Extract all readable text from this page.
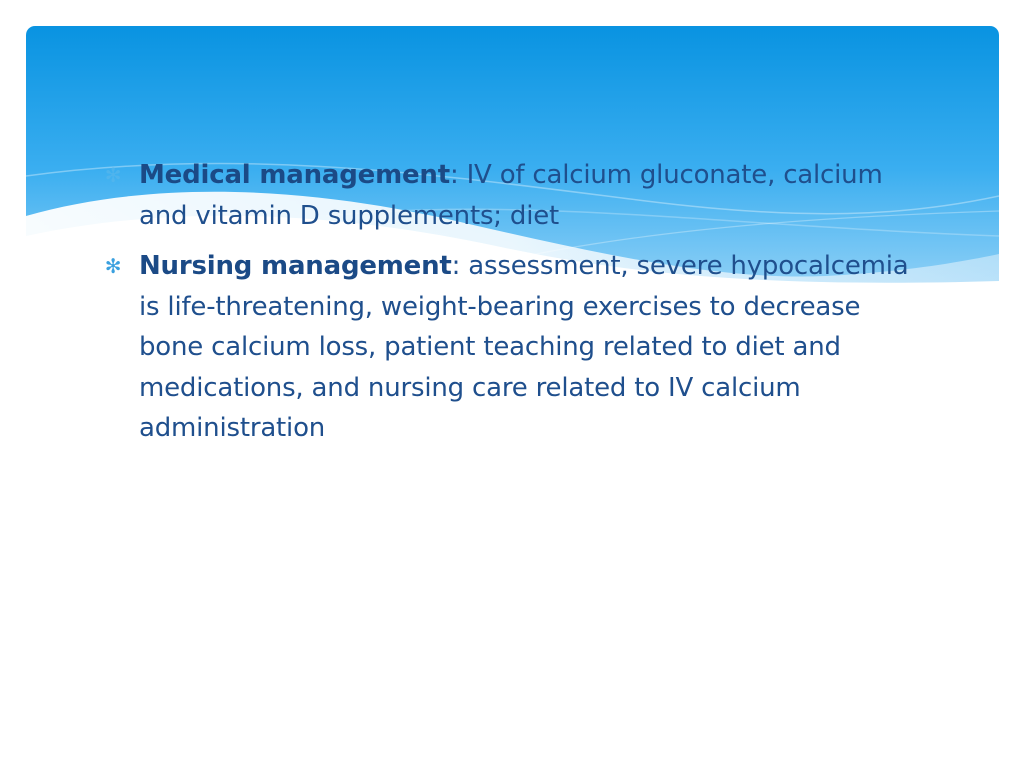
✻ Medical management: IV of calcium gluconate, calcium and vitamin D supplements; diet
✻ Nursing management: assessment, severe hypocalcemia is life-threatening, weight-bearing exercises to decrease bone calcium loss, patient teaching related to diet and medications, and nursing care related to IV calcium administration
